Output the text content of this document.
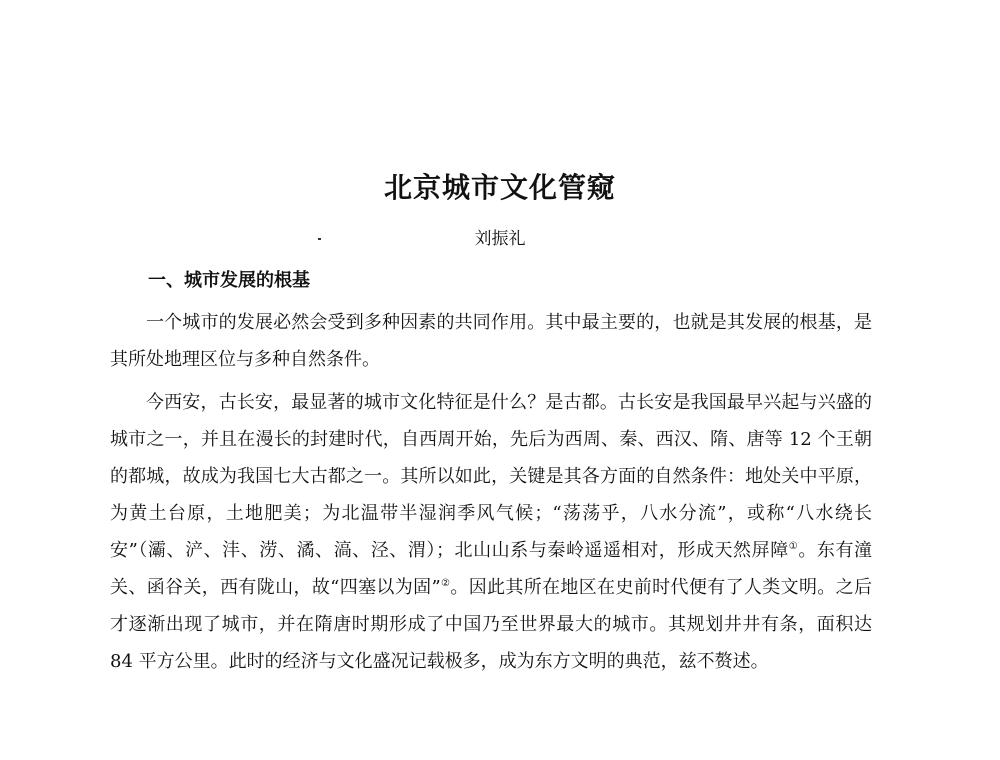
北京城市文化管窥
刘振礼
一、城市发展的根基
一个城市的发展必然会受到多种因素的共同作用。其中最主要的，也就是其发展的根基，是其所处地理区位与多种自然条件。
今西安，古长安，最显著的城市文化特征是什么？是古都。古长安是我国最早兴起与兴盛的城市之一，并且在漫长的封建时代，自西周开始，先后为西周、秦、西汉、隋、唐等 12 个王朝的都城，故成为我国七大古都之一。其所以如此，关键是其各方面的自然条件：地处关中平原，为黄土台原，土地肥美；为北温带半湿润季风气候；“荡荡乎，八水分流”，或称“八水绕长安”（灞、浐、沣、涝、潏、滈、泾、渭）；北山山系与秦岭遥遥相对，形成天然屏障①。东有潼关、函谷关，西有陇山，故“四塞以为固”②。因此其所在地区在史前时代便有了人类文明。之后才逐渐出现了城市，并在隋唐时期形成了中国乃至世界最大的城市。其规划井井有条，面积达 84 平方公里。此时的经济与文化盛况记载极多，成为东方文明的典范，兹不赘述。
